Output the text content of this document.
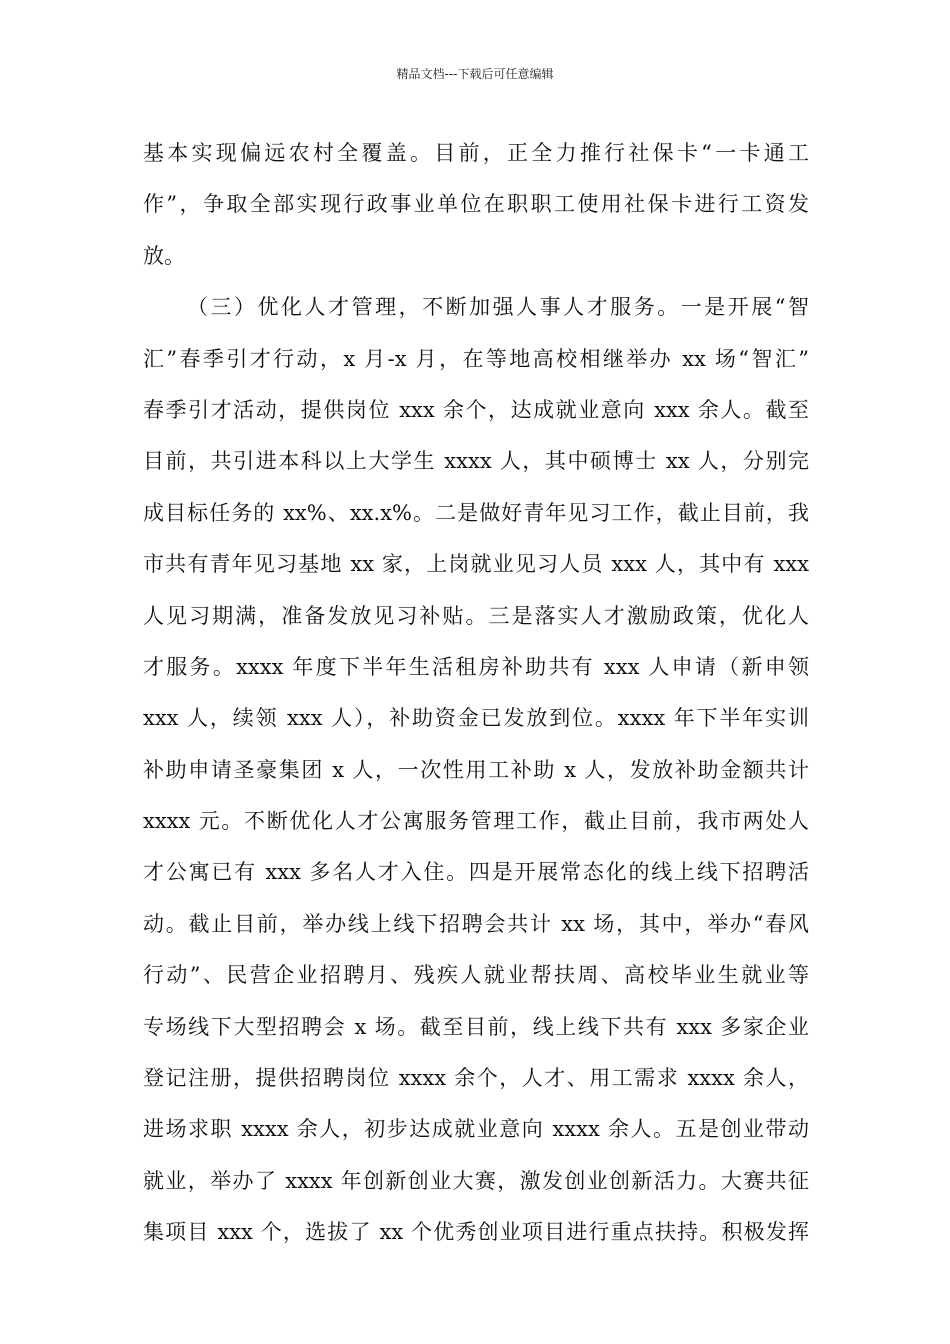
精品文档---下载后可任意编辑
基本实现偏远农村全覆盖。目前，正全力推行社保卡“一卡通工
作”，争取全部实现行政事业单位在职职工使用社保卡进行工资发
放。
（三）优化人才管理，不断加强人事人才服务。一是开展“智
汇”春季引才行动，x 月-x 月，在等地高校相继举办 xx 场“智汇”
春季引才活动，提供岗位 xxx 余个，达成就业意向 xxx 余人。截至
目前，共引进本科以上大学生 xxxx 人，其中硕博士 xx 人，分别完
成目标任务的 xx%、xx.x%。二是做好青年见习工作，截止目前，我
市共有青年见习基地 xx 家，上岗就业见习人员 xxx 人，其中有 xxx
人见习期满，准备发放见习补贴。三是落实人才激励政策，优化人
才服务。xxxx 年度下半年生活租房补助共有 xxx 人申请（新申领
xxx 人，续领 xxx 人），补助资金已发放到位。xxxx 年下半年实训
补助申请圣豪集团 x 人，一次性用工补助 x 人，发放补助金额共计
xxxx 元。不断优化人才公寓服务管理工作，截止目前，我市两处人
才公寓已有 xxx 多名人才入住。四是开展常态化的线上线下招聘活
动。截止目前，举办线上线下招聘会共计 xx 场，其中，举办“春风
行动”、民营企业招聘月、残疾人就业帮扶周、高校毕业生就业等
专场线下大型招聘会 x 场。截至目前，线上线下共有 xxx 多家企业
登记注册，提供招聘岗位 xxxx 余个，人才、用工需求 xxxx 余人，
进场求职 xxxx 余人，初步达成就业意向 xxxx 余人。五是创业带动
就业，举办了 xxxx 年创新创业大赛，激发创业创新活力。大赛共征
集项目 xxx 个，选拔了 xx 个优秀创业项目进行重点扶持。积极发挥
